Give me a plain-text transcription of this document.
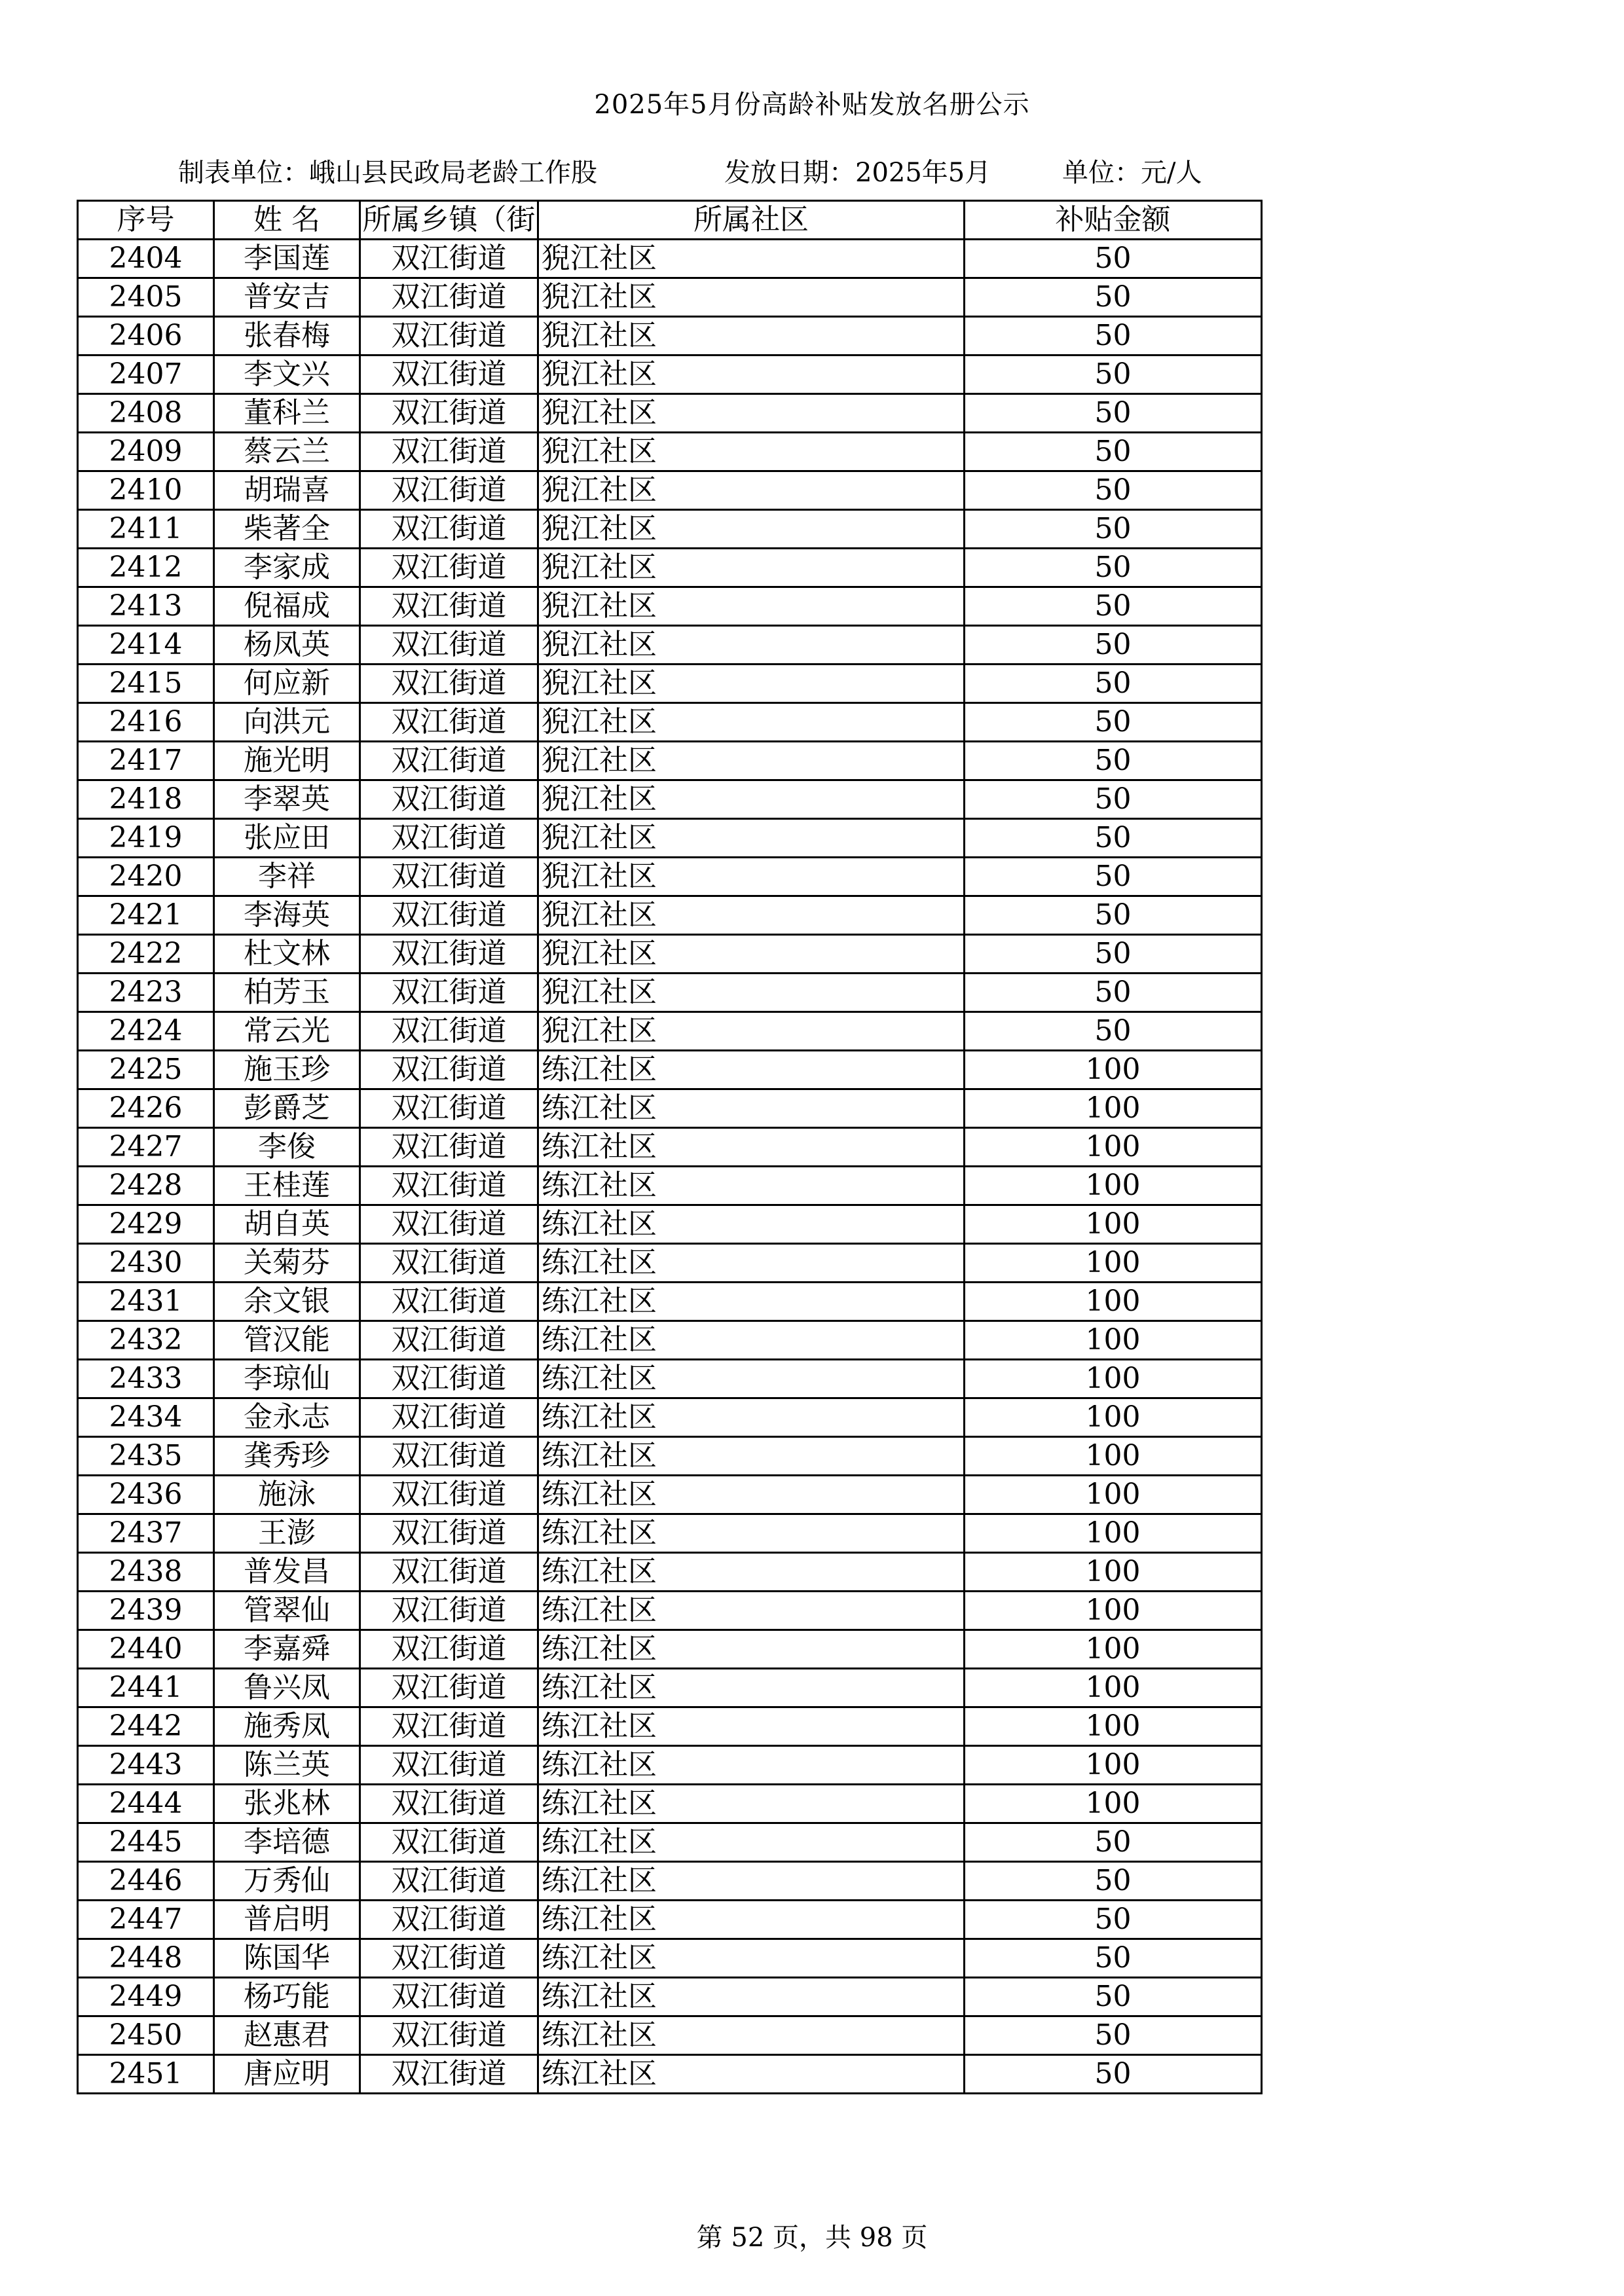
2025年5月份高龄补贴发放名册公示
制表单位：峨山县民政局老龄工作股	发放日期：2025年5月	单位：元/人
序号	姓 名	所属乡镇（街	所属社区	补贴金额
2404	李国莲	双江街道	猊江社区	50
2405	普安吉	双江街道	猊江社区	50
2406	张春梅	双江街道	猊江社区	50
2407	李文兴	双江街道	猊江社区	50
2408	董科兰	双江街道	猊江社区	50
2409	蔡云兰	双江街道	猊江社区	50
2410	胡瑞喜	双江街道	猊江社区	50
2411	柴著全	双江街道	猊江社区	50
2412	李家成	双江街道	猊江社区	50
2413	倪福成	双江街道	猊江社区	50
2414	杨凤英	双江街道	猊江社区	50
2415	何应新	双江街道	猊江社区	50
2416	向洪元	双江街道	猊江社区	50
2417	施光明	双江街道	猊江社区	50
2418	李翠英	双江街道	猊江社区	50
2419	张应田	双江街道	猊江社区	50
2420	李祥	双江街道	猊江社区	50
2421	李海英	双江街道	猊江社区	50
2422	杜文林	双江街道	猊江社区	50
2423	柏芳玉	双江街道	猊江社区	50
2424	常云光	双江街道	猊江社区	50
2425	施玉珍	双江街道	练江社区	100
2426	彭爵芝	双江街道	练江社区	100
2427	李俊	双江街道	练江社区	100
2428	王桂莲	双江街道	练江社区	100
2429	胡自英	双江街道	练江社区	100
2430	关菊芬	双江街道	练江社区	100
2431	余文银	双江街道	练江社区	100
2432	管汉能	双江街道	练江社区	100
2433	李琼仙	双江街道	练江社区	100
2434	金永志	双江街道	练江社区	100
2435	龚秀珍	双江街道	练江社区	100
2436	施泳	双江街道	练江社区	100
2437	王澎	双江街道	练江社区	100
2438	普发昌	双江街道	练江社区	100
2439	管翠仙	双江街道	练江社区	100
2440	李嘉舜	双江街道	练江社区	100
2441	鲁兴凤	双江街道	练江社区	100
2442	施秀凤	双江街道	练江社区	100
2443	陈兰英	双江街道	练江社区	100
2444	张兆林	双江街道	练江社区	100
2445	李培德	双江街道	练江社区	50
2446	万秀仙	双江街道	练江社区	50
2447	普启明	双江街道	练江社区	50
2448	陈国华	双江街道	练江社区	50
2449	杨巧能	双江街道	练江社区	50
2450	赵惠君	双江街道	练江社区	50
2451	唐应明	双江街道	练江社区	50
第 52 页，共 98 页
